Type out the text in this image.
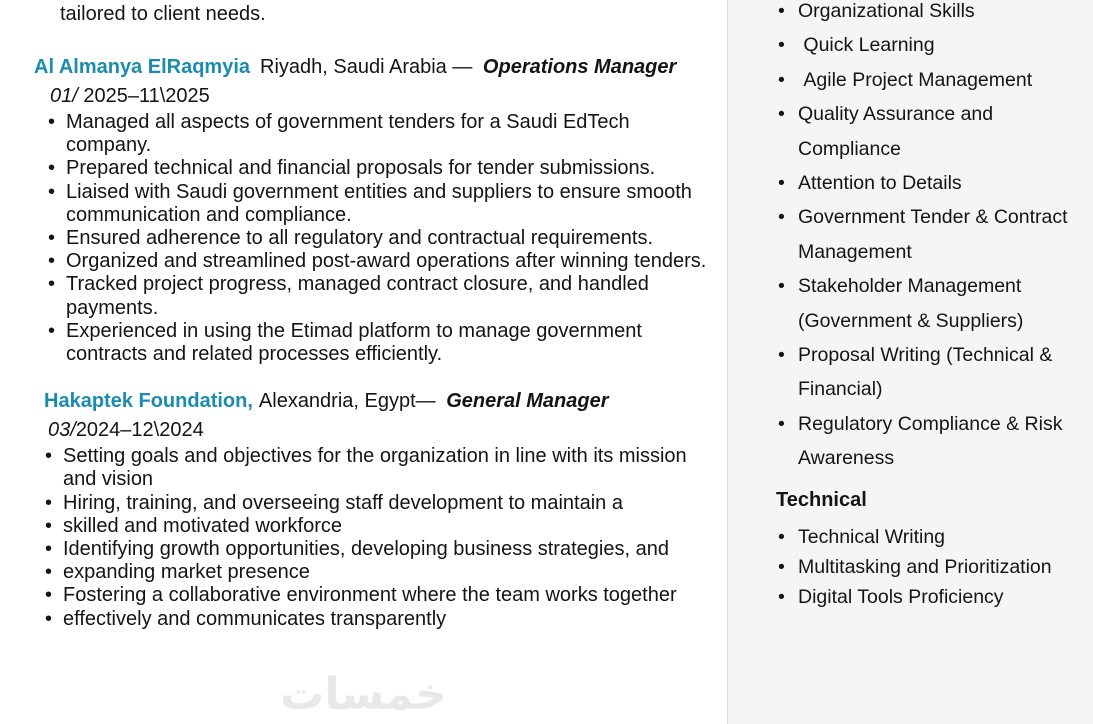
tailored to client needs.

Al Almanya ElRaqmyia Riyadh, Saudi Arabia — Operations Manager

01/ 2025–11\2025

• Managed all aspects of government tenders for a Saudi EdTech company.
• Prepared technical and financial proposals for tender submissions.
• Liaised with Saudi government entities and suppliers to ensure smooth communication and compliance.
• Ensured adherence to all regulatory and contractual requirements.
• Organized and streamlined post-award operations after winning tenders.
• Tracked project progress, managed contract closure, and handled payments.
• Experienced in using the Etimad platform to manage government contracts and related processes efficiently.
Hakaptek Foundation, Alexandria, Egypt— General Manager

03/2024–12\2024

• Setting goals and objectives for the organization in line with its mission and vision
• Hiring, training, and overseeing staff development to maintain a
• skilled and motivated workforce
• Identifying growth opportunities, developing business strategies, and
• expanding market presence
• Fostering a collaborative environment where the team works together
• effectively and communicates transparently
خمسات
• Organizational Skills
•  Quick Learning
•  Agile Project Management
• Quality Assurance and Compliance
• Attention to Details
• Government Tender & Contract Management
• Stakeholder Management (Government & Suppliers)
• Proposal Writing (Technical & Financial)
• Regulatory Compliance & Risk Awareness
Technical
• Technical Writing
• Multitasking and Prioritization
• Digital Tools Proficiency
